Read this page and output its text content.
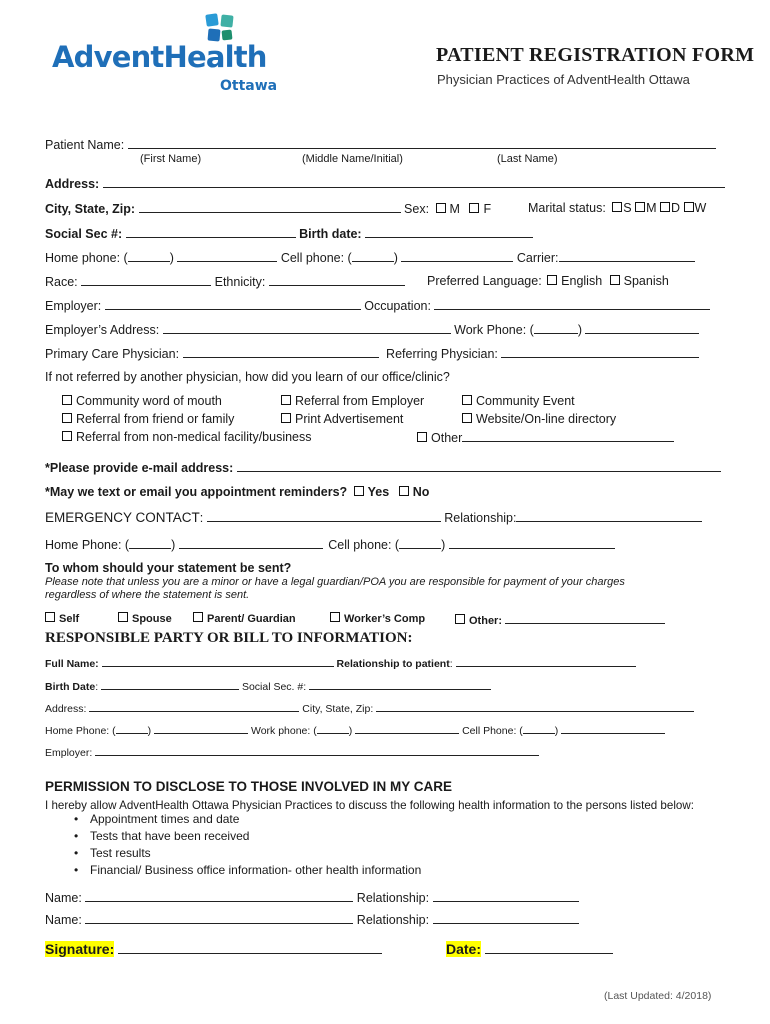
AdventHealth
Ottawa
PATIENT REGISTRATION FORM
Physician Practices of AdventHealth Ottawa
Patient Name:
(First Name)	(Middle Name/Initial)	(Last Name)
Address:
City, State, Zip:	Sex: M F	Marital status: S M D W
Social Sec #:	Birth date:
Home phone: (	)	Cell phone: (	)	Carrier:
Race:	Ethnicity:	Preferred Language: English Spanish
Employer:	Occupation:
Employer’s Address:	Work Phone: (	)
Primary Care Physician:	Referring Physician:
If not referred by another physician, how did you learn of our office/clinic?
Community word of mouth	Referral from Employer	Community Event
Referral from friend or family	Print Advertisement	Website/On-line directory
Referral from non-medical facility/business	Other
*Please provide e-mail address:
*May we text or email you appointment reminders? Yes No
EMERGENCY CONTACT:	Relationship:
Home Phone: (	)	Cell phone: (	)
To whom should your statement be sent?
Please note that unless you are a minor or have a legal guardian/POA you are responsible for payment of your charges
regardless of where the statement is sent.
Self	Spouse	Parent/ Guardian	Worker’s Comp	Other:
RESPONSIBLE PARTY OR BILL TO INFORMATION:
Full Name:	Relationship to patient:
Birth Date:	Social Sec. #:
Address:	City, State, Zip:
Home Phone: (	)	Work phone: (	)	Cell Phone: (	)
Employer:
PERMISSION TO DISCLOSE TO THOSE INVOLVED IN MY CARE
I hereby allow AdventHealth Ottawa Physician Practices to discuss the following health information to the persons listed below:
• Appointment times and date
• Tests that have been received
• Test results
• Financial/ Business office information- other health information
Name:	Relationship:
Name:	Relationship:
Signature:	Date:
(Last Updated: 4/2018)
